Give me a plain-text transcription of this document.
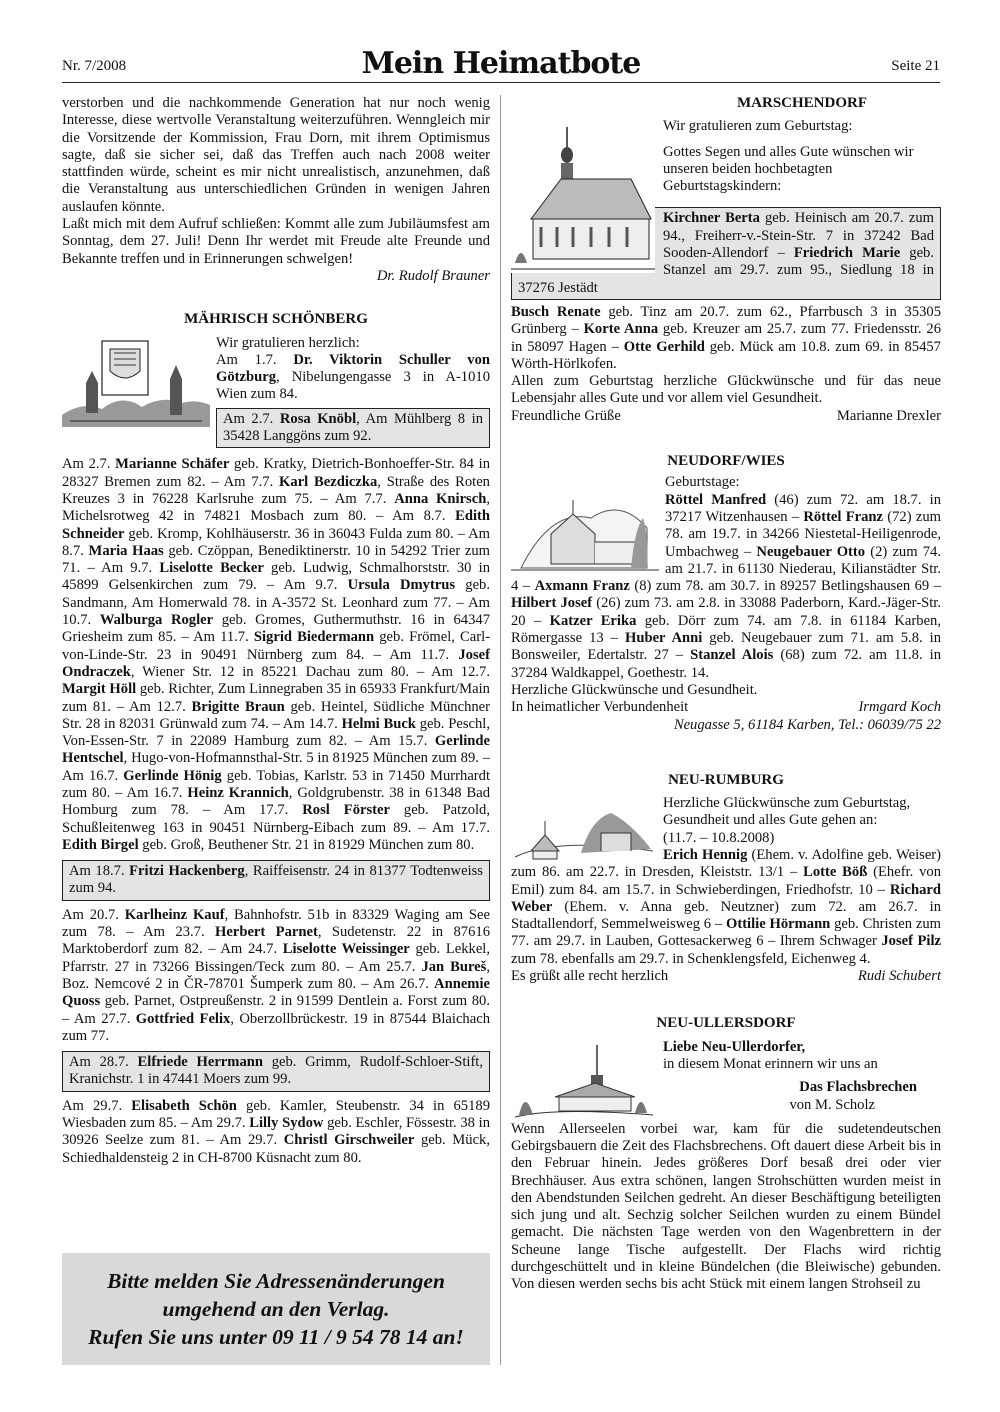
Nr. 7/2008	Mein Heimatbote	Seite 21

verstorben und die nachkommende Generation hat nur noch wenig Interesse, diese wertvolle Veranstaltung weiterzuführen. Wenngleich mir die Vorsitzende der Kommission, Frau Dorn, mit ihrem Optimismus sagte, daß sie sicher sei, daß das Treffen auch nach 2008 weiter stattfinden würde, scheint es mir nicht unrealistisch, anzunehmen, daß die Veranstaltung aus unterschiedlichen Gründen in wenigen Jahren auslaufen könnte.

Laßt mich mit dem Aufruf schließen: Kommt alle zum Jubiläumsfest am Sonntag, dem 27. Juli! Denn Ihr werdet mit Freude alte Freunde und Bekannte treffen und in Erinnerungen schwelgen!

Dr. Rudolf Brauner

MÄHRISCH SCHÖNBERG

Wir gratulieren herzlich:

Am 1.7. Dr. Viktorin Schuller von Götzburg, Nibelungengasse 3 in A-1010 Wien zum 84.

Am 2.7. Rosa Knöbl, Am Mühlberg 8 in 35428 Langgöns zum 92.

Am 2.7. Marianne Schäfer geb. Kratky, Dietrich-Bonhoeffer-Str. 84 in 28327 Bremen zum 82. – Am 7.7. Karl Bezdiczka, Straße des Roten Kreuzes 3 in 76228 Karlsruhe zum 75. – Am 7.7. Anna Knirsch, Michelsrotweg 42 in 74821 Mosbach zum 80. – Am 8.7. Edith Schneider geb. Kromp, Kohlhäuserstr. 36 in 36043 Fulda zum 80. – Am 8.7. Maria Haas geb. Czöppan, Benediktinerstr. 10 in 54292 Trier zum 71. – Am 9.7. Liselotte Becker geb. Ludwig, Schmalhorststr. 30 in 45899 Gelsenkirchen zum 79. – Am 9.7. Ursula Dmytrus geb. Sandmann, Am Homerwald 78. in A-3572 St. Leonhard zum 77. – Am 10.7. Walburga Rogler geb. Gromes, Guthermuthstr. 16 in 64347 Griesheim zum 85. – Am 11.7. Sigrid Biedermann geb. Frömel, Carl-von-Linde-Str. 23 in 90491 Nürnberg zum 84. – Am 11.7. Josef Ondraczek, Wiener Str. 12 in 85221 Dachau zum 80. – Am 12.7. Margit Höll geb. Richter, Zum Linnegraben 35 in 65933 Frankfurt/Main zum 81. – Am 12.7. Brigitte Braun geb. Heintel, Südliche Münchner Str. 28 in 82031 Grünwald zum 74. – Am 14.7. Helmi Buck geb. Peschl, Von-Essen-Str. 7 in 22089 Hamburg zum 82. – Am 15.7. Gerlinde Hentschel, Hugo-von-Hofmannsthal-Str. 5 in 81925 München zum 89. – Am 16.7. Gerlinde Hönig geb. Tobias, Karlstr. 53 in 71450 Murrhardt zum 80. – Am 16.7. Heinz Krannich, Goldgrubenstr. 38 in 61348 Bad Homburg zum 78. – Am 17.7. Rosl Förster geb. Patzold, Schußleitenweg 163 in 90451 Nürnberg-Eibach zum 89. – Am 17.7. Edith Birgel geb. Groß, Beuthener Str. 21 in 81929 München zum 80.

Am 18.7. Fritzi Hackenberg, Raiffeisenstr. 24 in 81377 Todtenweiss zum 94.

Am 20.7. Karlheinz Kauf, Bahnhofstr. 51b in 83329 Waging am See zum 78. – Am 23.7. Herbert Parnet, Sudetenstr. 22 in 87616 Marktoberdorf zum 82. – Am 24.7. Liselotte Weissinger geb. Lekkel, Pfarrstr. 27 in 73266 Bissingen/Teck zum 80. – Am 25.7. Jan Bureš, Boz. Nemcové 2 in ČR-78701 Šumperk zum 80. – Am 26.7. Annemie Quoss geb. Parnet, Ostpreußenstr. 2 in 91599 Dentlein a. Forst zum 80. – Am 27.7. Gottfried Felix, Oberzollbrückestr. 19 in 87544 Blaichach zum 77.

Am 28.7. Elfriede Herrmann geb. Grimm, Rudolf-Schloer-Stift, Kranichstr. 1 in 47441 Moers zum 99.

Am 29.7. Elisabeth Schön geb. Kamler, Steubenstr. 34 in 65189 Wiesbaden zum 85. – Am 29.7. Lilly Sydow geb. Eschler, Fössestr. 38 in 30926 Seelze zum 81. – Am 29.7. Christl Girschweiler geb. Mück, Schiedhaldensteig 2 in CH-8700 Küsnacht zum 80.

Bitte melden Sie Adressenänderungen
umgehend an den Verlag.
Rufen Sie uns unter 09 11 / 9 54 78 14 an!

MARSCHENDORF

Wir gratulieren zum Geburtstag:

Gottes Segen und alles Gute wünschen wir unseren beiden hochbetagten Geburtstagskindern:

Kirchner Berta geb. Heinisch am 20.7. zum 94., Freiherr-v.-Stein-Str. 7 in 37242 Bad Sooden-Allendorf – Friedrich Marie geb. Stanzel am 29.7. zum 95., Siedlung 18 in 37276 Jestädt

Busch Renate geb. Tinz am 20.7. zum 62., Pfarrbusch 3 in 35305 Grünberg – Korte Anna geb. Kreuzer am 25.7. zum 77. Friedensstr. 26 in 58097 Hagen – Otte Gerhild geb. Mück am 10.8. zum 69. in 85457 Wörth-Hörlkofen.

Allen zum Geburtstag herzliche Glückwünsche und für das neue Lebensjahr alles Gute und vor allem viel Gesundheit.

Freundliche Grüße	Marianne Drexler

NEUDORF/WIES

Geburtstage:

Röttel Manfred (46) zum 72. am 18.7. in 37217 Witzenhausen – Röttel Franz (72) zum 78. am 19.7. in 34266 Niestetal-Heiligenrode, Umbachweg – Neugebauer Otto (2) zum 74. am 21.7. in 61130 Niederau, Kilianstädter Str. 4 – Axmann Franz (8) zum 78. am 30.7. in 89257 Betlingshausen 69 – Hilbert Josef (26) zum 73. am 2.8. in 33088 Paderborn, Kard.-Jäger-Str. 20 – Katzer Erika geb. Dörr zum 74. am 7.8. in 61184 Karben, Römergasse 13 – Huber Anni geb. Neugebauer zum 71. am 5.8. in Bonsweiler, Edertalstr. 27 – Stanzel Alois (68) zum 72. am 11.8. in 37284 Waldkappel, Goethestr. 14.

Herzliche Glückwünsche und Gesundheit.

In heimatlicher Verbundenheit	Irmgard Koch

Neugasse 5, 61184 Karben, Tel.: 06039/75 22

NEU-RUMBURG

Herzliche Glückwünsche zum Geburtstag, Gesundheit und alles Gute gehen an:

(11.7. – 10.8.2008)

Erich Hennig (Ehem. v. Adolfine geb. Weiser) zum 86. am 22.7. in Dresden, Kleiststr. 13/1 – Lotte Böß (Ehefr. von Emil) zum 84. am 15.7. in Schwieberdingen, Friedhofstr. 10 – Richard Weber (Ehem. v. Anna geb. Neutzner) zum 72. am 26.7. in Stadtallendorf, Semmelweisweg 6 – Ottilie Hörmann geb. Christen zum 77. am 29.7. in Lauben, Gottesackerweg 6 – Ihrem Schwager Josef Pilz zum 78. ebenfalls am 29.7. in Schenklengsfeld, Eichenweg 4.

Es grüßt alle recht herzlich	Rudi Schubert

NEU-ULLERSDORF

Liebe Neu-Ullerdorfer,

in diesem Monat erinnern wir uns an

Das Flachsbrechen

von M. Scholz

Wenn Allerseelen vorbei war, kam für die sudetendeutschen Gebirgsbauern die Zeit des Flachsbrechens. Oft dauert diese Arbeit bis in den Februar hinein. Jedes größeres Dorf besaß drei oder vier Brechhäuser. Aus extra schönen, langen Strohschütten wurden meist in den Abendstunden Seilchen gedreht. An dieser Beschäftigung beteiligten sich jung und alt. Sechzig solcher Seilchen wurden zu einem Bündel gemacht. Die nächsten Tage werden von den Wagenbrettern in der Scheune lange Tische aufgestellt. Der Flachs wird richtig durchgeschüttelt und in kleine Bündelchen (die Bleiwische) gebunden. Von diesen werden sechs bis acht Stück mit einem langen Strohseil zu
